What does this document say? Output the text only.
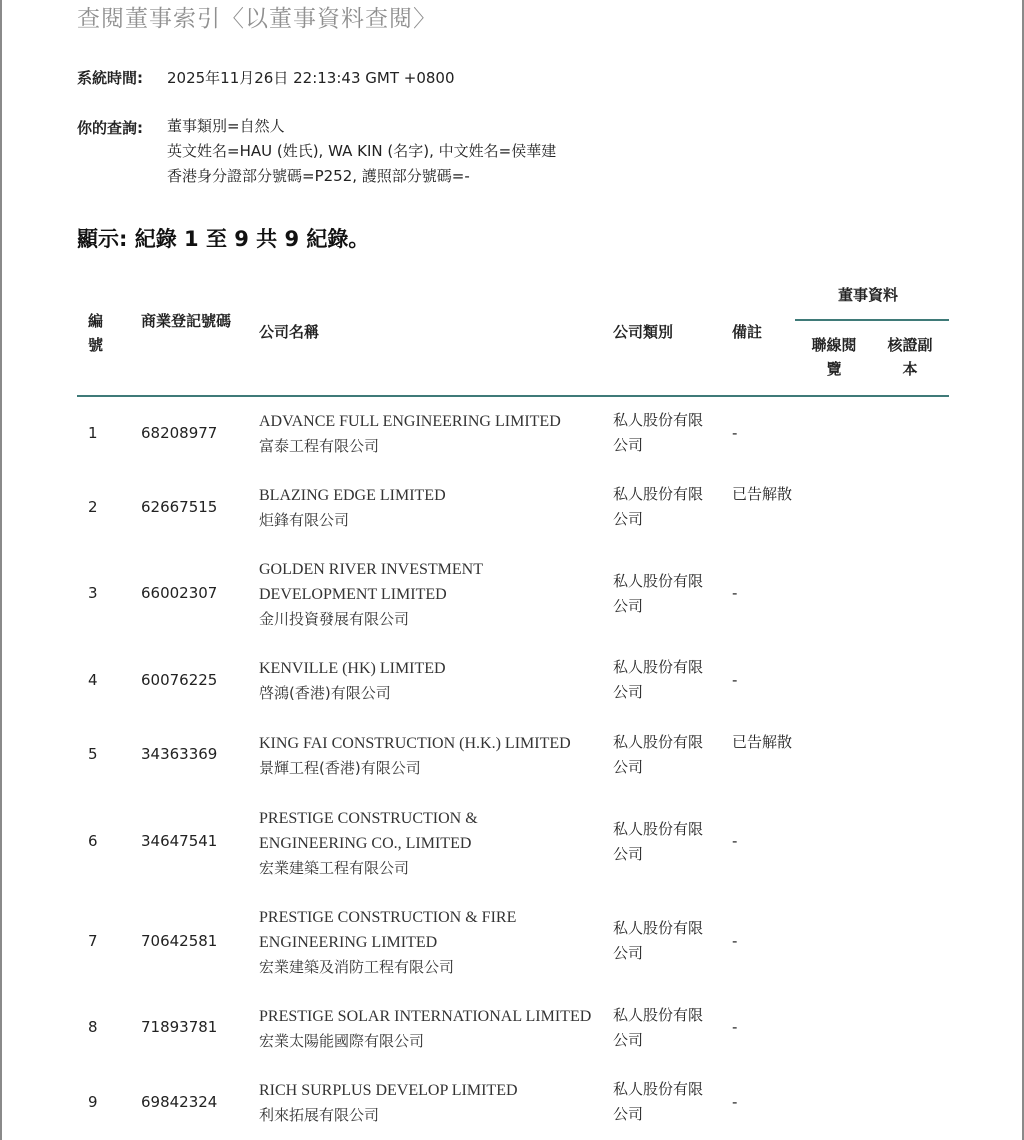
查閱董事索引〈以董事資料查閱〉
系統時間: 2025年11月26日 22:13:43 GMT +0800
你的查詢:	董事類別=自然人
英文姓名=HAU (姓氏), WA KIN (名字), 中文姓名=侯華建
香港身分證部分號碼=P252, 護照部分號碼=-
顯示: 紀錄 1 至 9 共 9 紀錄。
編號
商業登記號碼
公司名稱	公司類別	備註
董事資料
聯線閱覽
核證副本
1	68208977
ADVANCE FULL ENGINEERING LIMITED
富泰工程有限公司
私人股份有限公司
-
2	62667515
BLAZING EDGE LIMITED
炬鋒有限公司
私人股份有限公司
已告解散
3	66002307
GOLDEN RIVER INVESTMENT DEVELOPMENT LIMITED
金川投資發展有限公司
私人股份有限公司
-
4	60076225
KENVILLE (HK) LIMITED
啓鴻(香港)有限公司
私人股份有限公司
-
5	34363369
KING FAI CONSTRUCTION (H.K.) LIMITED
景輝工程(香港)有限公司
私人股份有限公司
已告解散
6	34647541
PRESTIGE CONSTRUCTION & ENGINEERING CO., LIMITED
宏業建築工程有限公司
私人股份有限公司
-
7	70642581
PRESTIGE CONSTRUCTION & FIRE ENGINEERING LIMITED
宏業建築及消防工程有限公司
私人股份有限公司
-
8	71893781
PRESTIGE SOLAR INTERNATIONAL LIMITED
宏業太陽能國際有限公司
私人股份有限公司
-
9	69842324
RICH SURPLUS DEVELOP LIMITED
利來拓展有限公司
私人股份有限公司
-
